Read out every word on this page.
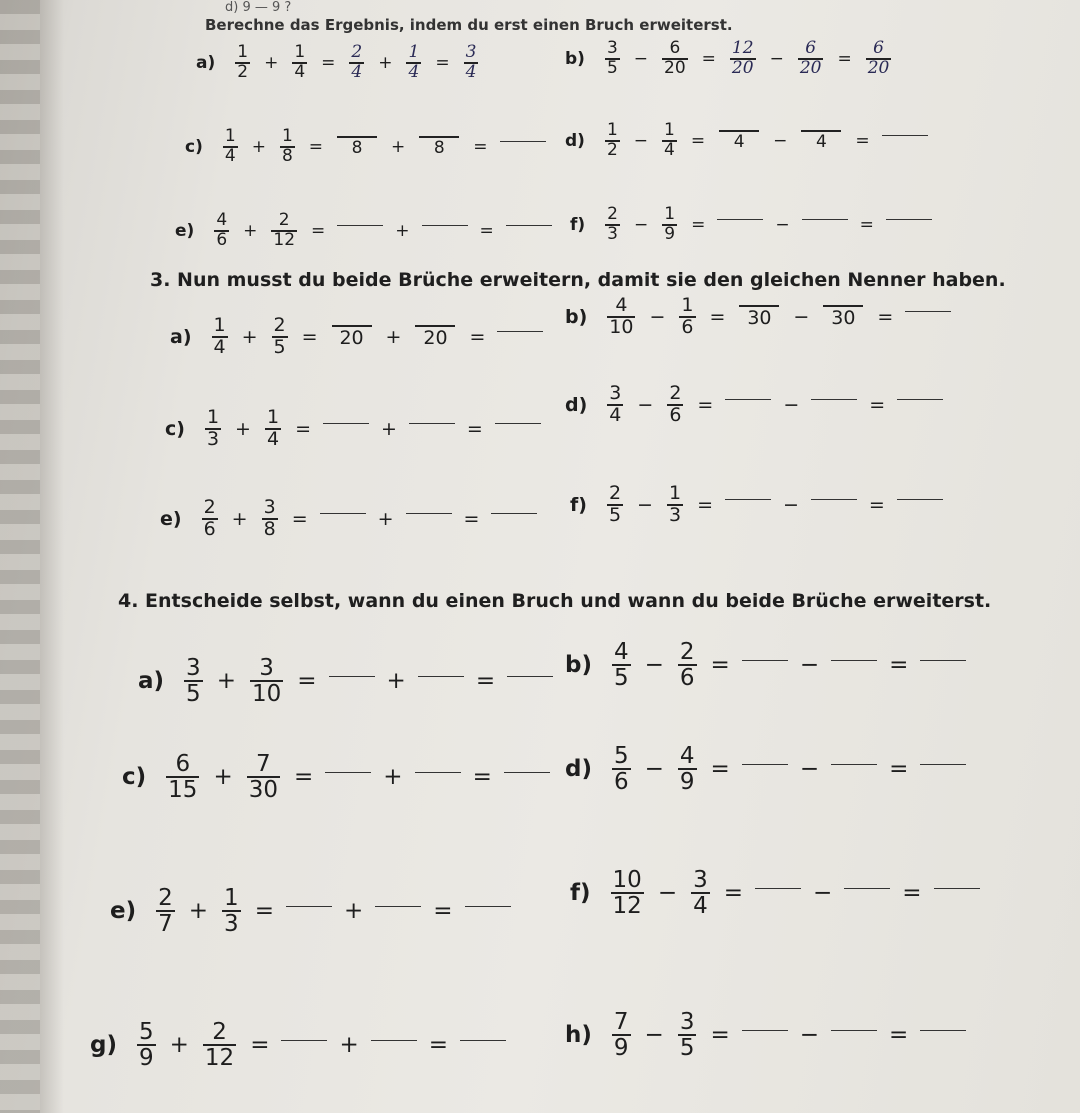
d) 9 — 9 ?
Berechne das Ergebnis, indem du erst einen Bruch erweiterst.
$a) \frac{1}{2} + \frac{1}{4} = \frac{2}{4} + \frac{1}{4} = \frac{3}{4}$	$b) \frac{3}{5} - \frac{6}{20} = \frac{12}{20} - \frac{6}{20} = \frac{6}{20}$
$c) \frac{1}{4} + \frac{1}{8} = 8 + 8$ =	$d) \frac{1}{2} - \frac{1}{4} = 4 - 4$ =
$e) \frac{4}{6} + \frac{2}{12}$ =	+	=	$f) \frac{2}{3} - \frac{1}{9}$ =	−	=
3. Nun musst du beide Brüche erweitern, damit sie den gleichen Nenner haben.
$a) \frac{1}{4} + \frac{2}{5} = 20 + 20$ =
$b) \frac{4}{10} - \frac{1}{6} = 30 - 30$ =
$c) \frac{1}{3} + \frac{1}{4}$ =	+	=
$d) \frac{3}{4} - \frac{2}{6}$ =	−	=
$e) \frac{2}{6} + \frac{3}{8}$ =	+	=
$f) \frac{2}{5} - \frac{1}{3}$ =	−	=
4. Entscheide selbst, wann du einen Bruch und wann du beide Brüche erweiterst.
$a) \frac{3}{5} + \frac{3}{10}$ =	+	=
$b) \frac{4}{5} - \frac{2}{6}$ =	−	=
$c) \frac{6}{15} + \frac{7}{30}$ =	+	=	$d) \frac{5}{6} - \frac{4}{9}$ =	−	=
$e) \frac{2}{7} + \frac{1}{3}$ =	+	=
$f) \frac{10}{12} - \frac{3}{4}$ =	−	=
$g) \frac{5}{9} + \frac{2}{12}$ =	+	=	$h) \frac{7}{9} - \frac{3}{5}$ =	−	=
